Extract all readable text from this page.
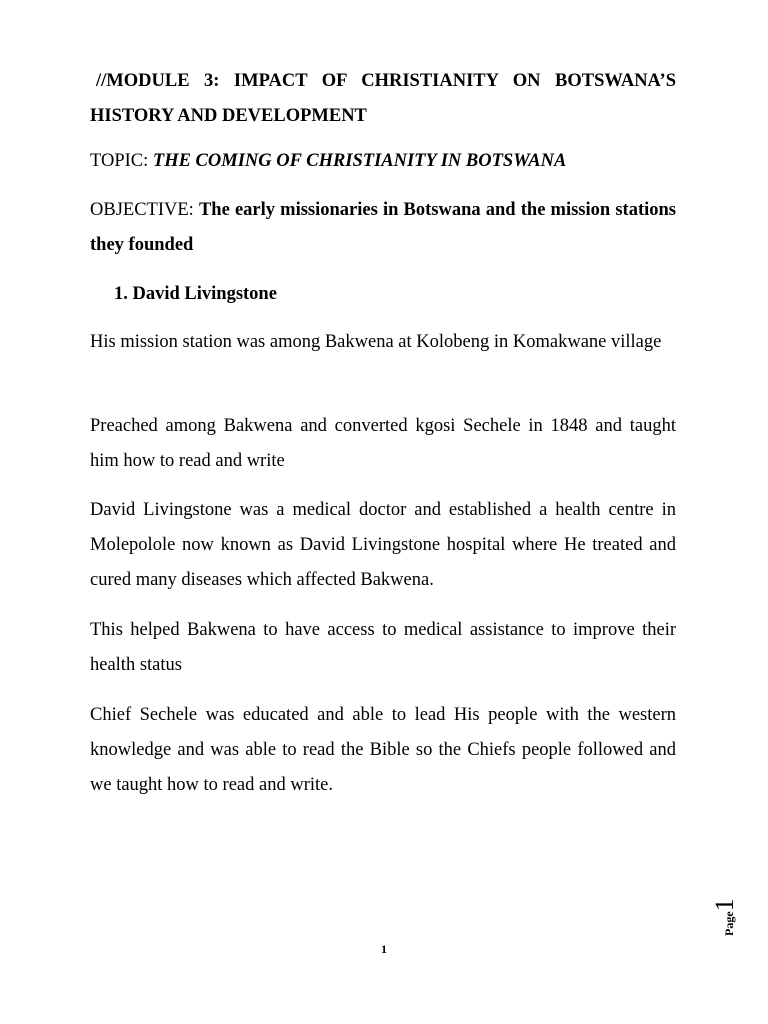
//MODULE 3: IMPACT OF CHRISTIANITY ON BOTSWANA’S
HISTORY AND DEVELOPMENT

TOPIC: THE COMING OF CHRISTIANITY IN BOTSWANA

OBJECTIVE: The early missionaries in Botswana and the mission stations they founded

1. David Livingstone

His mission station was among Bakwena at Kolobeng in Komakwane village

Preached among Bakwena and converted kgosi Sechele in 1848 and taught him how to read and write

David Livingstone was a medical doctor and established a health centre in Molepolole now known as David Livingstone hospital where He treated and cured many diseases which affected Bakwena.

This helped Bakwena to have access to medical assistance to improve their health status

Chief Sechele was educated and able to lead His people with the western knowledge and was able to read the Bible so the Chiefs people followed and we taught how to read and write.

Page1
1
